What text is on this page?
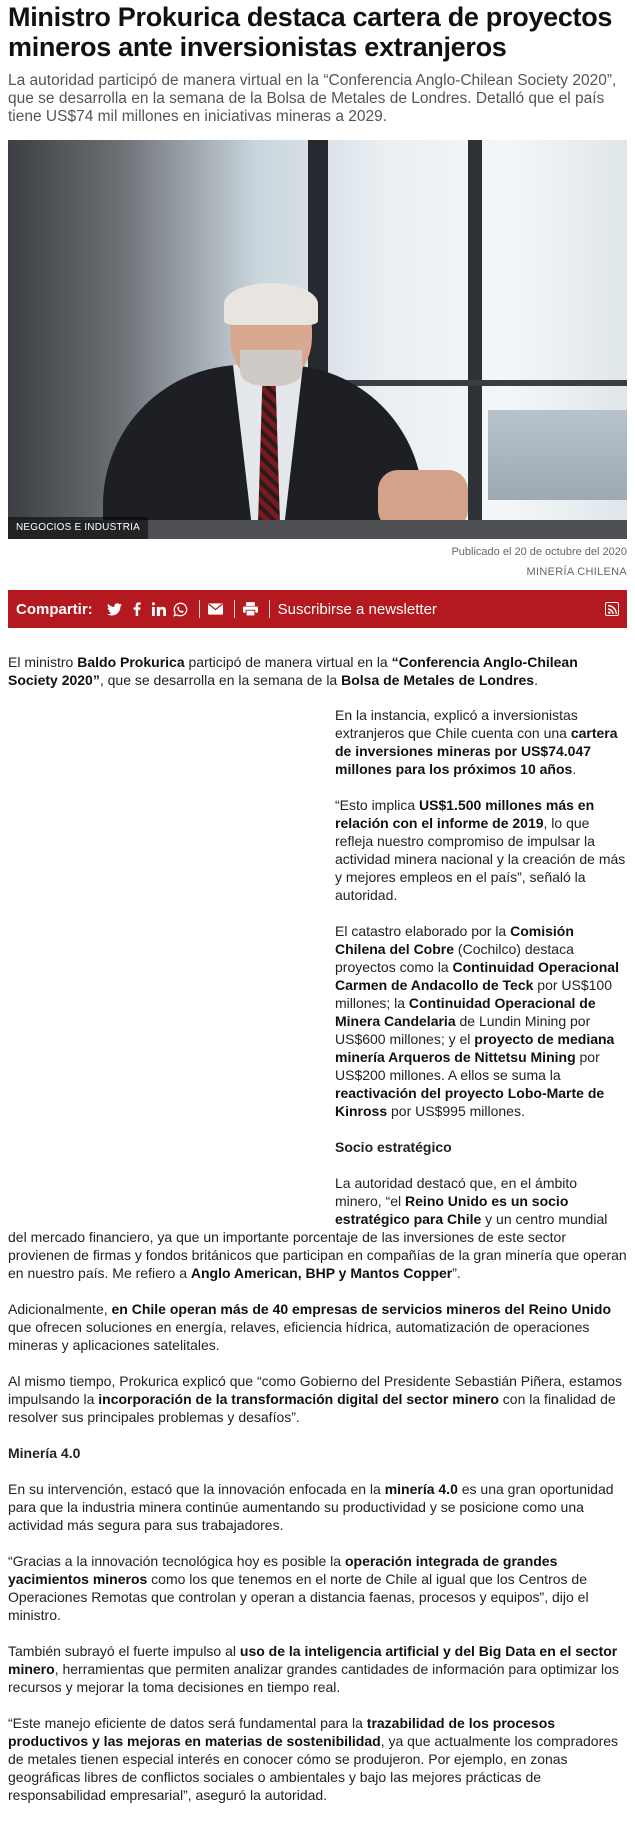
Ministro Prokurica destaca cartera de proyectos mineros ante inversionistas extranjeros

La autoridad participó de manera virtual en la “Conferencia Anglo-Chilean Society 2020”, que se desarrolla en la semana de la Bolsa de Metales de Londres. Detalló que el país tiene US$74 mil millones en iniciativas mineras a 2029.

NEGOCIOS E INDUSTRIA
Publicado el 20 de octubre del 2020
MINERÍA CHILENA
Compartir:	Suscribirse a newsletter

El ministro Baldo Prokurica participó de manera virtual en la “Conferencia Anglo-Chilean Society 2020”, que se desarrolla en la semana de la Bolsa de Metales de Londres.

En la instancia, explicó a inversionistas extranjeros que Chile cuenta con una cartera de inversiones mineras por US$74.047 millones para los próximos 10 años.

“Esto implica US$1.500 millones más en relación con el informe de 2019, lo que refleja nuestro compromiso de impulsar la actividad minera nacional y la creación de más y mejores empleos en el país”, señaló la autoridad.

El catastro elaborado por la Comisión Chilena del Cobre (Cochilco) destaca proyectos como la Continuidad Operacional Carmen de Andacollo de Teck por US$100 millones; la Continuidad Operacional de Minera Candelaria de Lundin Mining por US$600 millones; y el proyecto de mediana minería Arqueros de Nittetsu Mining por US$200 millones. A ellos se suma la reactivación del proyecto Lobo-Marte de Kinross por US$995 millones.

Socio estratégico

La autoridad destacó que, en el ámbito minero, “el Reino Unido es un socio estratégico para Chile y un centro mundial

del mercado financiero, ya que un importante porcentaje de las inversiones de este sector provienen de firmas y fondos británicos que participan en compañías de la gran minería que operan en nuestro país. Me refiero a Anglo American, BHP y Mantos Copper”.

Adicionalmente, en Chile operan más de 40 empresas de servicios mineros del Reino Unido que ofrecen soluciones en energía, relaves, eficiencia hídrica, automatización de operaciones mineras y aplicaciones satelitales.

Al mismo tiempo, Prokurica explicó que “como Gobierno del Presidente Sebastián Piñera, estamos impulsando la incorporación de la transformación digital del sector minero con la finalidad de resolver sus principales problemas y desafíos”.

Minería 4.0

En su intervención, estacó que la innovación enfocada en la minería 4.0 es una gran oportunidad para que la industria minera continúe aumentando su productividad y se posicione como una actividad más segura para sus trabajadores.

“Gracias a la innovación tecnológica hoy es posible la operación integrada de grandes yacimientos mineros como los que tenemos en el norte de Chile al igual que los Centros de Operaciones Remotas que controlan y operan a distancia faenas, procesos y equipos”, dijo el ministro.

También subrayó el fuerte impulso al uso de la inteligencia artificial y del Big Data en el sector minero, herramientas que permiten analizar grandes cantidades de información para optimizar los recursos y mejorar la toma decisiones en tiempo real.

“Este manejo eficiente de datos será fundamental para la trazabilidad de los procesos productivos y las mejoras en materias de sostenibilidad, ya que actualmente los compradores de metales tienen especial interés en conocer cómo se produjeron. Por ejemplo, en zonas geográficas libres de conflictos sociales o ambientales y bajo las mejores prácticas de responsabilidad empresarial”, aseguró la autoridad.
